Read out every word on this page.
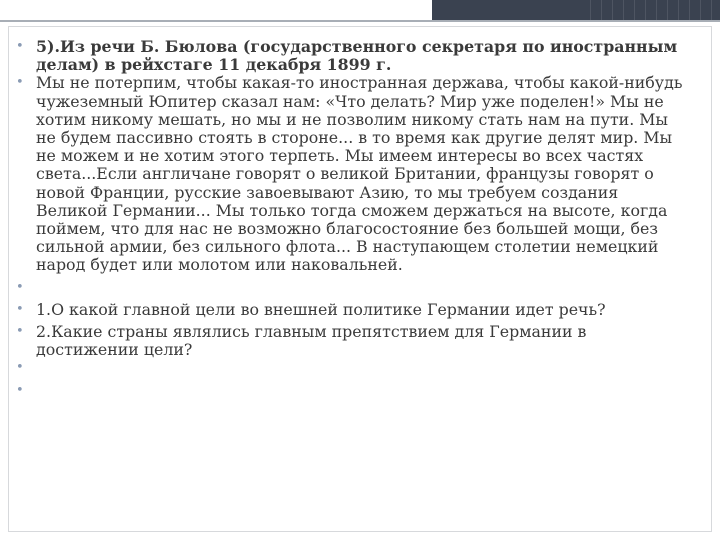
• 5).Из речи Б. Бюлова (государственного секретаря по иностранным делам) в рейхстаге 11 декабря 1899 г.
• Мы не потерпим, чтобы какая-то иностранная держава, чтобы какой-нибудь чужеземный Юпитер сказал нам: «Что делать? Мир уже поделен!» Мы не хотим никому мешать, но мы и не позволим никому стать нам на пути. Мы не будем пассивно стоять в стороне... в то время как другие делят мир. Мы не можем и не хотим этого терпеть. Мы имеем интересы во всех частях света...Если англичане говорят о великой Британии, французы говорят о новой Франции, русские завоевывают Азию, то мы требуем создания Великой Германии... Мы только тогда сможем держаться на высоте, когда поймем, что для нас не возможно благосостояние без большей мощи, без сильной армии, без сильного флота... В наступающем столетии немецкий народ будет или молотом или наковальней.
•
• 1.О какой главной цели во внешней политике Германии идет речь?
• 2.Какие страны являлись главным препятствием для Германии в достижении цели?
•
•
